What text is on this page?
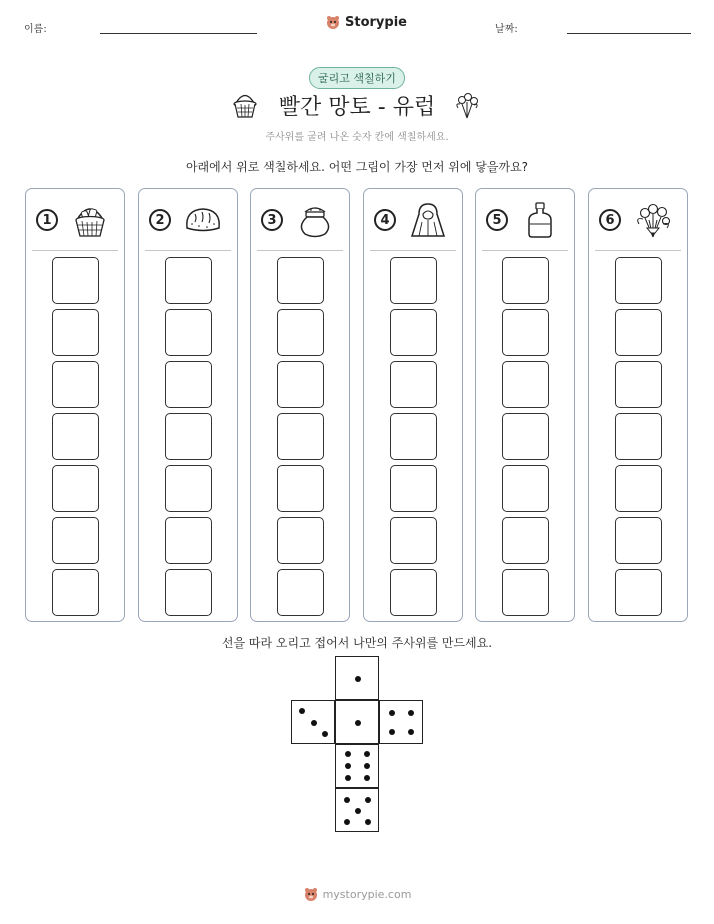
이름:	Storypie	날짜:
굴리고 색칠하기
빨간 망토 - 유럽
주사위를 굴려 나온 숫자 칸에 색칠하세요.
아래에서 위로 색칠하세요. 어떤 그림이 가장 먼저 위에 닿을까요?
1	2	3	4	5	6
선을 따라 오리고 접어서 나만의 주사위를 만드세요.
mystorypie.com
